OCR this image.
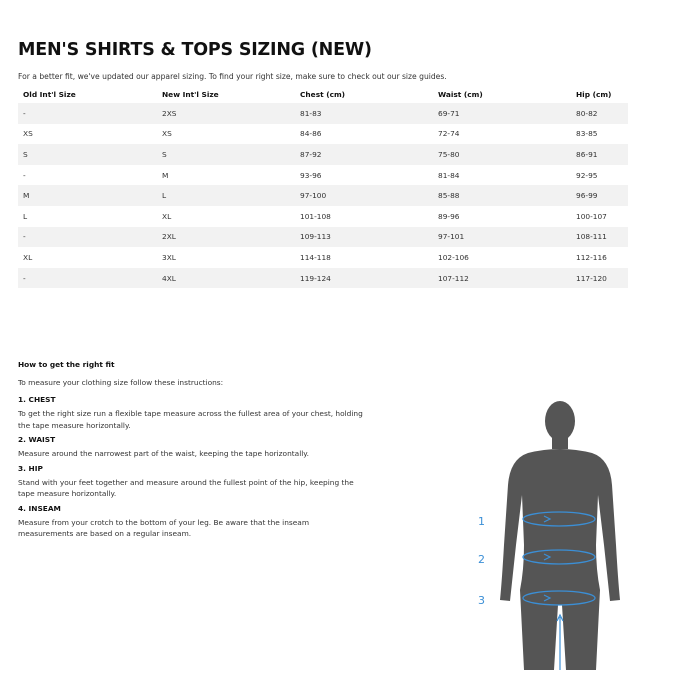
MEN'S SHIRTS & TOPS SIZING (NEW)
For a better fit, we've updated our apparel sizing. To find your right size, make sure to check out our size guides.
Old Int'l Size	New Int'l Size	Chest (cm)	Waist (cm)	Hip (cm)
-	2XS	81-83	69-71	80-82
XS	XS	84-86	72-74	83-85
S	S	87-92	75-80	86-91
-	M	93-96	81-84	92-95
M	L	97-100	85-88	96-99
L	XL	101-108	89-96	100-107
-	2XL	109-113	97-101	108-111
XL	3XL	114-118	102-106	112-116
-	4XL	119-124	107-112	117-120
How to get the right fit
To measure your clothing size follow these instructions:
1. CHEST
To get the right size run a flexible tape measure across the fullest area of your chest, holding the tape measure horizontally.
2. WAIST
Measure around the narrowest part of the waist, keeping the tape horizontally.
3. HIP
Stand with your feet together and measure around the fullest point of the hip, keeping the tape measure horizontally.
4. INSEAM
Measure from your crotch to the bottom of your leg. Be aware that the inseam measurements are based on a regular inseam.
1
2
3
